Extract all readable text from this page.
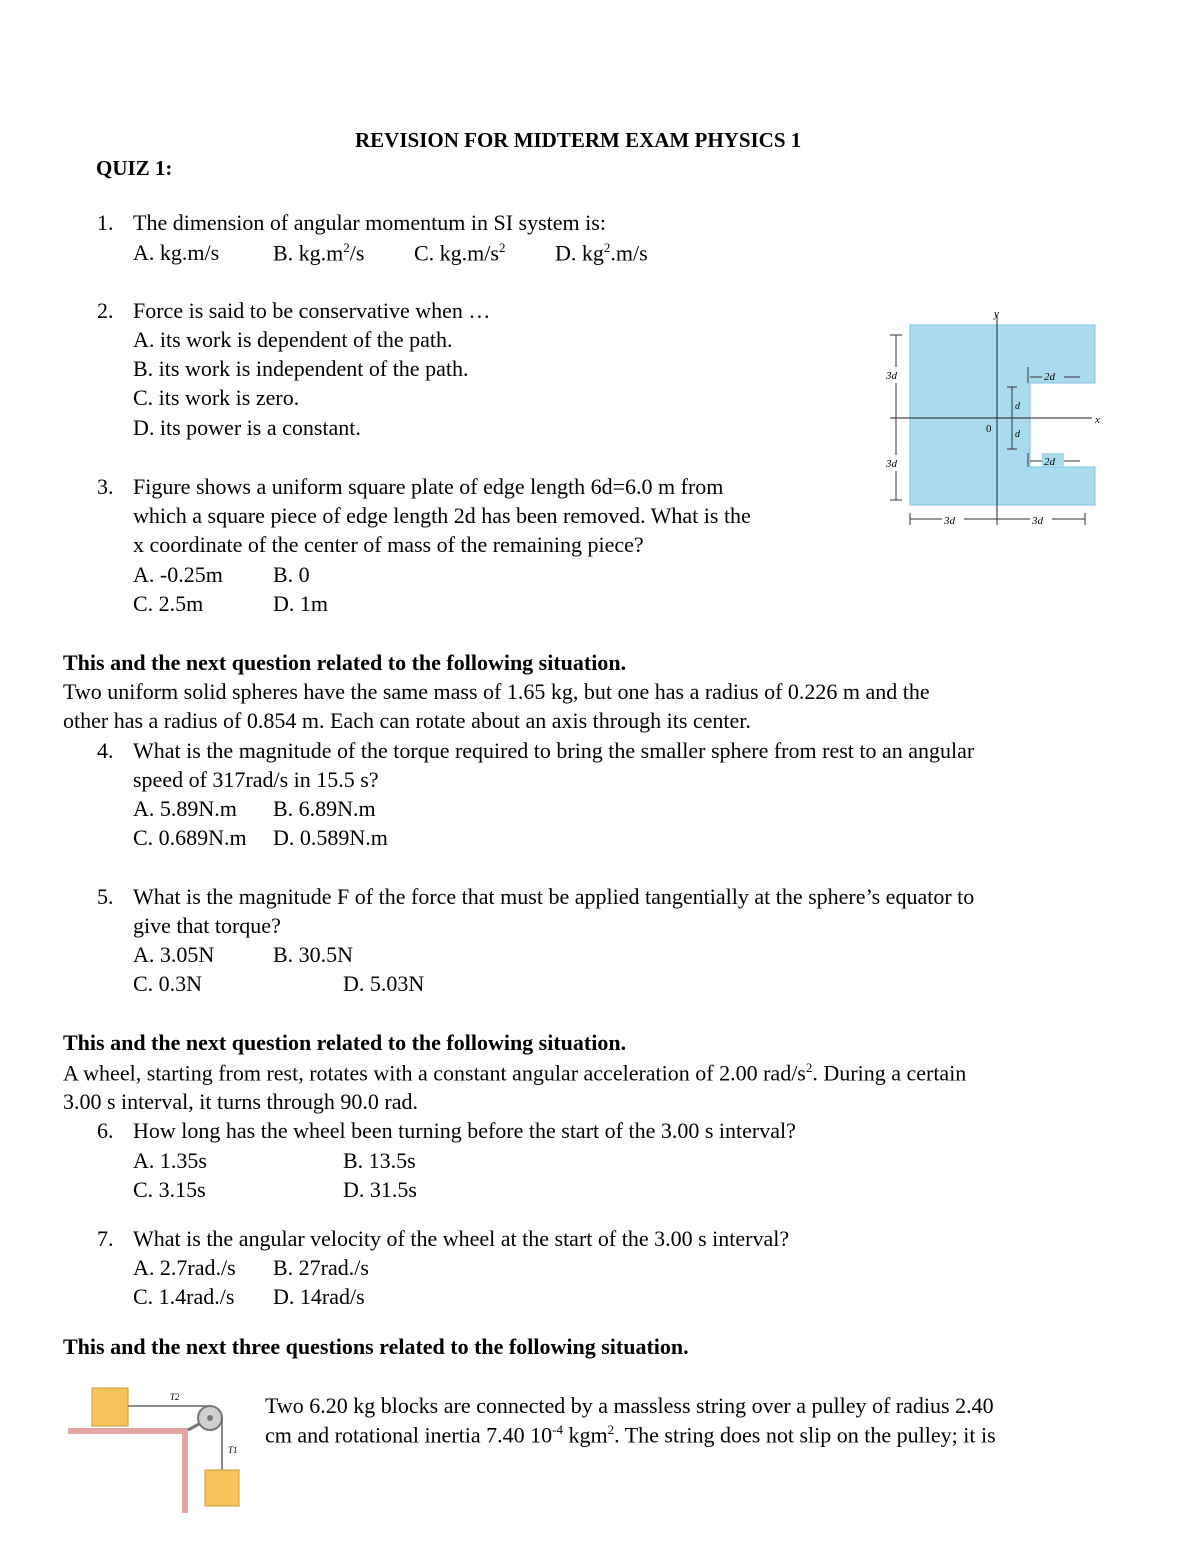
REVISION FOR MIDTERM EXAM PHYSICS 1
QUIZ 1:
1. The dimension of angular momentum in SI system is:
A. kg.m/s B. $kg.m^2/s$ C. $kg.m/s^2$ D. $kg^2.m/s$
2. Force is said to be conservative when …
A. its work is dependent of the path.
B. its work is independent of the path.
C. its work is zero.
D. its power is a constant.
3. Figure shows a uniform square plate of edge length 6d=6.0 m from
which a square piece of edge length 2d has been removed. What is the
x coordinate of the center of mass of the remaining piece?
A. -0.25m B. 0
C. 2.5m	D. 1m
y
x
0
3d
3d
2d
2d
d
d
3d	3d
This and the next question related to the following situation.
Two uniform solid spheres have the same mass of 1.65 kg, but one has a radius of 0.226 m and the
other has a radius of 0.854 m. Each can rotate about an axis through its center.
4. What is the magnitude of the torque required to bring the smaller sphere from rest to an angular
speed of 317rad/s in 15.5 s?
A. 5.89N.m B. 6.89N.m
C. 0.689N.m D. 0.589N.m
5. What is the magnitude F of the force that must be applied tangentially at the sphere’s equator to
give that torque?
A. 3.05N	B. 30.5N
C. 0.3N	D. 5.03N
This and the next question related to the following situation.
A wheel, starting from rest, rotates with a constant angular acceleration of 2.00 rad/$s^2$. During a certain
3.00 s interval, it turns through 90.0 rad.
6. How long has the wheel been turning before the start of the 3.00 s interval?
A. 1.35s	B. 13.5s
C. 3.15s	D. 31.5s
7. What is the angular velocity of the wheel at the start of the 3.00 s interval?
A. 2.7rad./s B. 27rad./s
C. 1.4rad./s D. 14rad/s
This and the next three questions related to the following situation.
T2
T1
Two 6.20 kg blocks are connected by a massless string over a pulley of radius 2.40
cm and rotational inertia 7.40 $10^{-4}$ kgm$^2$. The string does not slip on the pulley; it is
